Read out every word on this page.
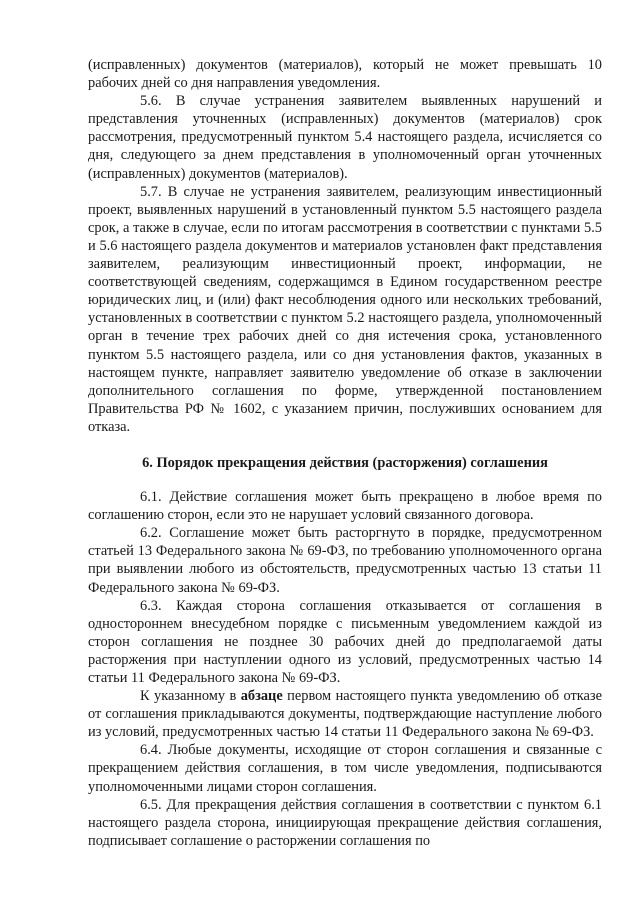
(исправленных) документов (материалов), который не может превышать 10 рабочих дней со дня направления уведомления.

5.6. В случае устранения заявителем выявленных нарушений и представления уточненных (исправленных) документов (материалов) срок рассмотрения, предусмотренный пунктом 5.4 настоящего раздела, исчисляется со дня, следующего за днем представления в уполномоченный орган уточненных (исправленных) документов (материалов).

5.7. В случае не устранения заявителем, реализующим инвестиционный проект, выявленных нарушений в установленный пунктом 5.5 настоящего раздела срок, а также в случае, если по итогам рассмотрения в соответствии с пунктами 5.5 и 5.6 настоящего раздела документов и материалов установлен факт представления заявителем, реализующим инвестиционный проект, информации, не соответствующей сведениям, содержащимся в Едином государственном реестре юридических лиц, и (или) факт несоблюдения одного или нескольких требований, установленных в соответствии с пунктом 5.2 настоящего раздела, уполномоченный орган в течение трех рабочих дней со дня истечения срока, установленного пунктом 5.5 настоящего раздела, или со дня установления фактов, указанных в настоящем пункте, направляет заявителю уведомление об отказе в заключении дополнительного соглашения по форме, утвержденной постановлением Правительства РФ № 1602, с указанием причин, послуживших основанием для отказа.

6. Порядок прекращения действия (расторжения) соглашения

6.1. Действие соглашения может быть прекращено в любое время по соглашению сторон, если это не нарушает условий связанного договора.

6.2. Соглашение может быть расторгнуто в порядке, предусмотренном статьей 13 Федерального закона № 69-ФЗ, по требованию уполномоченного органа при выявлении любого из обстоятельств, предусмотренных частью 13 статьи 11 Федерального закона № 69-ФЗ.

6.3. Каждая сторона соглашения отказывается от соглашения в одностороннем внесудебном порядке с письменным уведомлением каждой из сторон соглашения не позднее 30 рабочих дней до предполагаемой даты расторжения при наступлении одного из условий, предусмотренных частью 14 статьи 11 Федерального закона № 69-ФЗ.

К указанному в абзаце первом настоящего пункта уведомлению об отказе от соглашения прикладываются документы, подтверждающие наступление любого из условий, предусмотренных частью 14 статьи 11 Федерального закона № 69-ФЗ.

6.4. Любые документы, исходящие от сторон соглашения и связанные с прекращением действия соглашения, в том числе уведомления, подписываются уполномоченными лицами сторон соглашения.

6.5. Для прекращения действия соглашения в соответствии с пунктом 6.1 настоящего раздела сторона, инициирующая прекращение действия соглашения, подписывает соглашение о расторжении соглашения по
